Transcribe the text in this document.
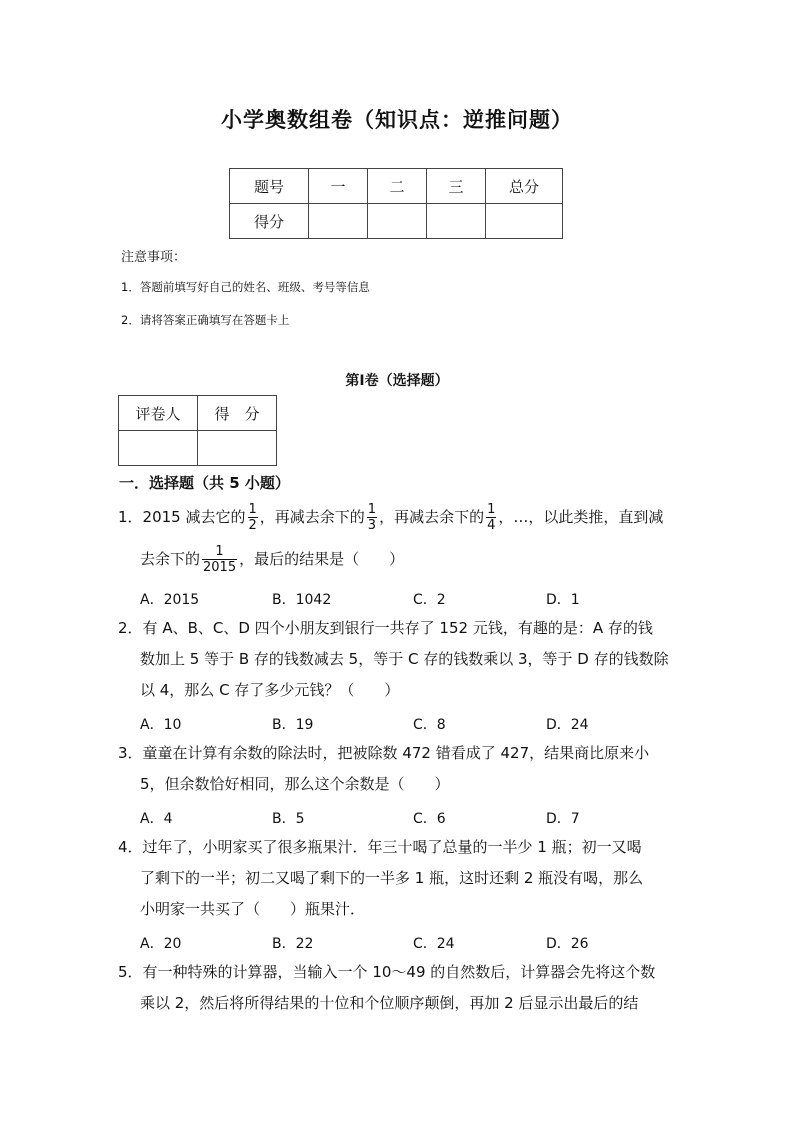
小学奥数组卷（知识点：逆推问题）
题号	一	二	三	总分
得分				
注意事项：
1．答题前填写好自己的姓名、班级、考号等信息
2．请将答案正确填写在答题卡上
第Ⅰ卷（选择题）
评卷人	得　分

一．选择题（共 5 小题）
1．2015 减去它的 $\frac{1}{2}$ ，再减去余下的 $\frac{1}{3}$ ，再减去余下的 $\frac{1}{4}$ ，…，以此类推，直到减
去余下的 $\frac{1}{2015}$ ，最后的结果是（　　）
A．2015	B．1042	C．2	D．1
2．有 A、B、C、D 四个小朋友到银行一共存了 152 元钱，有趣的是：A 存的钱
数加上 5 等于 B 存的钱数减去 5，等于 C 存的钱数乘以 3，等于 D 存的钱数除
以 4，那么 C 存了多少元钱？（　　）
A．10	B．19	C．8	D．24
3．童童在计算有余数的除法时，把被除数 472 错看成了 427，结果商比原来小
5，但余数恰好相同，那么这个余数是（　　）
A．4	B．5	C．6	D．7
4．过年了，小明家买了很多瓶果汁．年三十喝了总量的一半少 1 瓶；初一又喝
了剩下的一半；初二又喝了剩下的一半多 1 瓶，这时还剩 2 瓶没有喝，那么
小明家一共买了（　　）瓶果汁．
A．20	B．22	C．24	D．26
5．有一种特殊的计算器，当输入一个 10～49 的自然数后，计算器会先将这个数
乘以 2，然后将所得结果的十位和个位顺序颠倒，再加 2 后显示出最后的结
